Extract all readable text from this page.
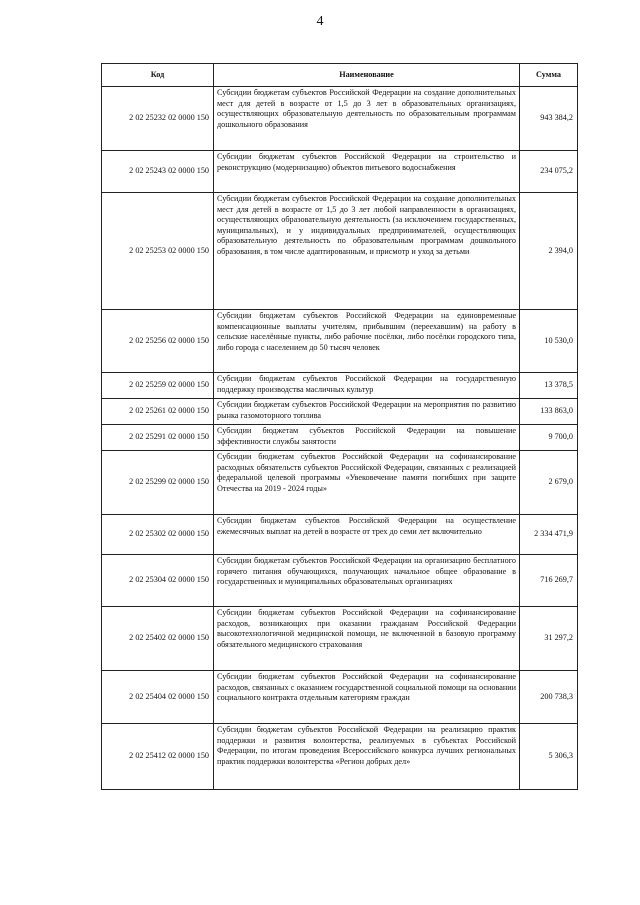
4
Код	Наименование	Сумма
2 02 25232 02 0000 150	Субсидии бюджетам субъектов Российской Федерации на создание дополнительных мест для детей в возрасте от 1,5 до 3 лет в образовательных организациях, осуществляющих образовательную деятельность по образовательным программам дошкольного образования	943 384,2
2 02 25243 02 0000 150	Субсидии бюджетам субъектов Российской Федерации на строительство и реконструкцию (модернизацию) объектов питьевого водоснабжения	234 075,2
2 02 25253 02 0000 150	Субсидии бюджетам субъектов Российской Федерации на создание дополнительных мест для детей в возрасте от 1,5 до 3 лет любой направленности в организациях, осуществляющих образовательную деятельность (за исключением государственных, муниципальных), и у индивидуальных предпринимателей, осуществляющих образовательную деятельность по образовательным программам дошкольного образования, в том числе адаптированным, и присмотр и уход за детьми	2 394,0
2 02 25256 02 0000 150	Субсидии бюджетам субъектов Российской Федерации на единовременные компенсационные выплаты учителям, прибывшим (переехавшим) на работу в сельские населённые пункты, либо рабочие посёлки, либо посёлки городского типа, либо города с населением до 50 тысяч человек	10 530,0
2 02 25259 02 0000 150	Субсидии бюджетам субъектов Российской Федерации на государственную поддержку производства масличных культур	13 378,5
2 02 25261 02 0000 150	Субсидии бюджетам субъектов Российской Федерации на мероприятия по развитию рынка газомоторного топлива	133 863,0
2 02 25291 02 0000 150	Субсидии бюджетам субъектов Российской Федерации на повышение эффективности службы занятости	9 700,0
2 02 25299 02 0000 150	Субсидии бюджетам субъектов Российской Федерации на софинансирование расходных обязательств субъектов Российской Федерации, связанных с реализацией федеральной целевой программы «Увековечение памяти погибших при защите Отечества на 2019 - 2024 годы»	2 679,0
2 02 25302 02 0000 150	Субсидии бюджетам субъектов Российской Федерации на осуществление ежемесячных выплат на детей в возрасте от трех до семи лет включительно	2 334 471,9
2 02 25304 02 0000 150	Субсидии бюджетам субъектов Российской Федерации на организацию бесплатного горячего питания обучающихся, получающих начальное общее образование в государственных и муниципальных образовательных организациях	716 269,7
2 02 25402 02 0000 150	Субсидии бюджетам субъектов Российской Федерации на софинансирование расходов, возникающих при оказании гражданам Российской Федерации высокотехнологичной медицинской помощи, не включенной в базовую программу обязательного медицинского страхования	31 297,2
2 02 25404 02 0000 150	Субсидии бюджетам субъектов Российской Федерации на софинансирование расходов, связанных с оказанием государственной социальной помощи на основании социального контракта отдельным категориям граждан	200 738,3
2 02 25412 02 0000 150	Субсидии бюджетам субъектов Российской Федерации на реализацию практик поддержки и развития волонтерства, реализуемых в субъектах Российской Федерации, по итогам проведения Всероссийского конкурса лучших региональных практик поддержки волонтерства «Регион добрых дел»	5 306,3
